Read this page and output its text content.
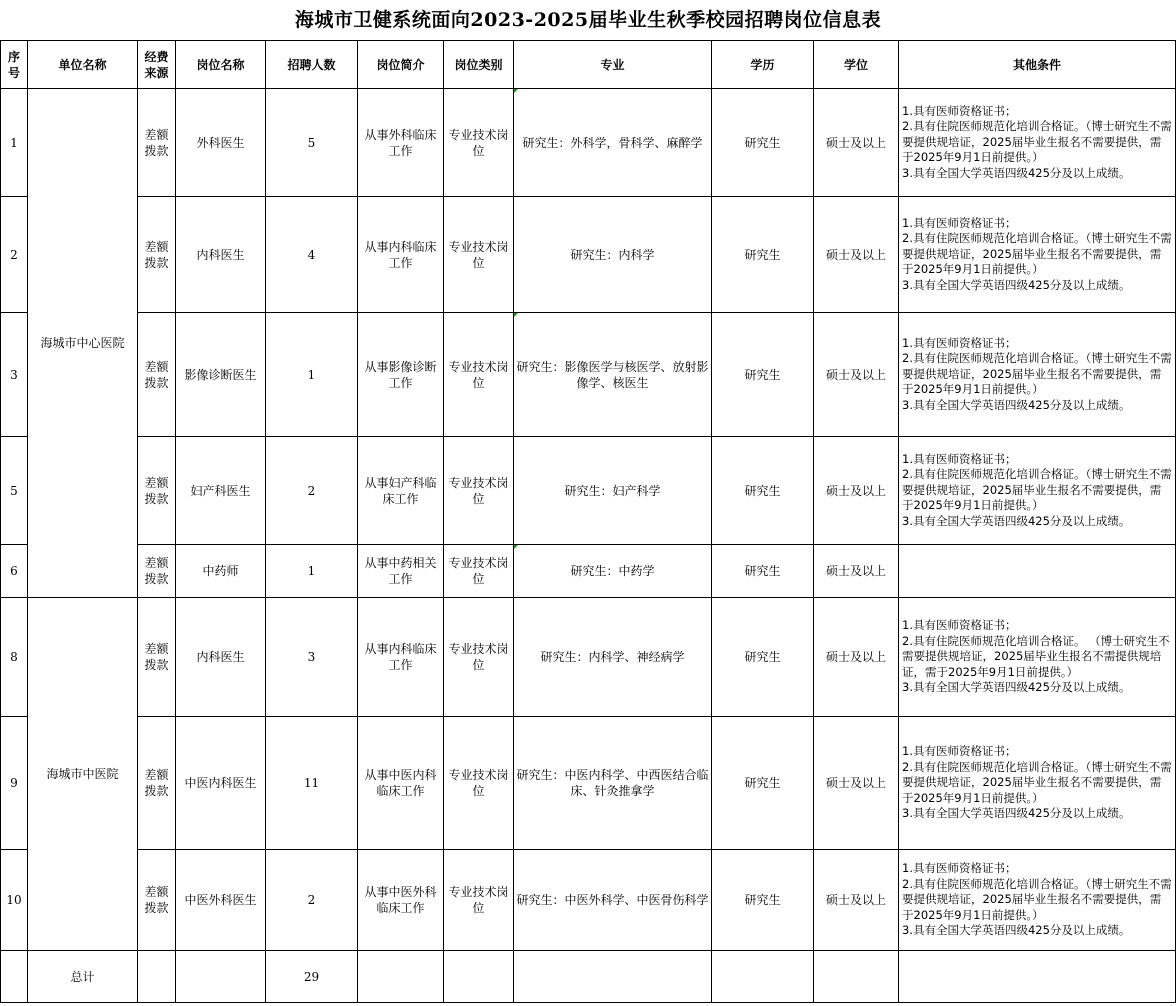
海城市卫健系统面向2023-2025届毕业生秋季校园招聘岗位信息表
序号	单位名称	经费来源	岗位名称	招聘人数	岗位简介	岗位类别	专业	学历	学位	其他条件
1	海城市中心医院	差额拨款	外科医生	5	从事外科临床工作	专业技术岗位	研究生：外科学，骨科学、麻醉学	研究生	硕士及以上	1.具有医师资格证书；
2.具有住院医师规范化培训合格证。（博士研究生不需要提供规培证，2025届毕业生报名不需要提供，需于2025年9月1日前提供。）
3.具有全国大学英语四级425分及以上成绩。

2		差额拨款	内科医生	4	从事内科临床工作	专业技术岗位	研究生：内科学	研究生	硕士及以上	1.具有医师资格证书；
2.具有住院医师规范化培训合格证。（博士研究生不需要提供规培证，2025届毕业生报名不需要提供，需于2025年9月1日前提供。）
3.具有全国大学英语四级425分及以上成绩。

3		差额拨款	影像诊断医生	1	从事影像诊断工作	专业技术岗位	研究生：影像医学与核医学、放射影像学、核医生	研究生	硕士及以上	1.具有医师资格证书；
2.具有住院医师规范化培训合格证。（博士研究生不需要提供规培证，2025届毕业生报名不需要提供，需于2025年9月1日前提供。）
3.具有全国大学英语四级425分及以上成绩。

5		差额拨款	妇产科医生	2	从事妇产科临床工作	专业技术岗位	研究生：妇产科学	研究生	硕士及以上	1.具有医师资格证书；
2.具有住院医师规范化培训合格证。（博士研究生不需要提供规培证，2025届毕业生报名不需要提供，需于2025年9月1日前提供。）
3.具有全国大学英语四级425分及以上成绩。

6		差额拨款	中药师	1	从事中药相关工作	专业技术岗位	研究生：中药学	研究生	硕士及以上	
8	海城市中医院	差额拨款	内科医生	3	从事内科临床工作	专业技术岗位	研究生：内科学、神经病学	研究生	硕士及以上	1.具有医师资格证书；
2.具有住院医师规范化培训合格证。 （博士研究生不需要提供规培证，2025届毕业生报名不需提供规培证，需于2025年9月1日前提供。）
3.具有全国大学英语四级425分及以上成绩。

9		差额拨款	中医内科医生	11	从事中医内科临床工作	专业技术岗位	研究生：中医内科学、中西医结合临床、针灸推拿学	研究生	硕士及以上	1.具有医师资格证书；
2.具有住院医师规范化培训合格证。（博士研究生不需要提供规培证，2025届毕业生报名不需要提供，需于2025年9月1日前提供。）
3.具有全国大学英语四级425分及以上成绩。

10		差额拨款	中医外科医生	2	从事中医外科临床工作	专业技术岗位	研究生：中医外科学、中医骨伤科学	研究生	硕士及以上	1.具有医师资格证书；
2.具有住院医师规范化培训合格证。（博士研究生不需要提供规培证，2025届毕业生报名不需要提供，需于2025年9月1日前提供。）
3.具有全国大学英语四级425分及以上成绩。

	总计			29						
